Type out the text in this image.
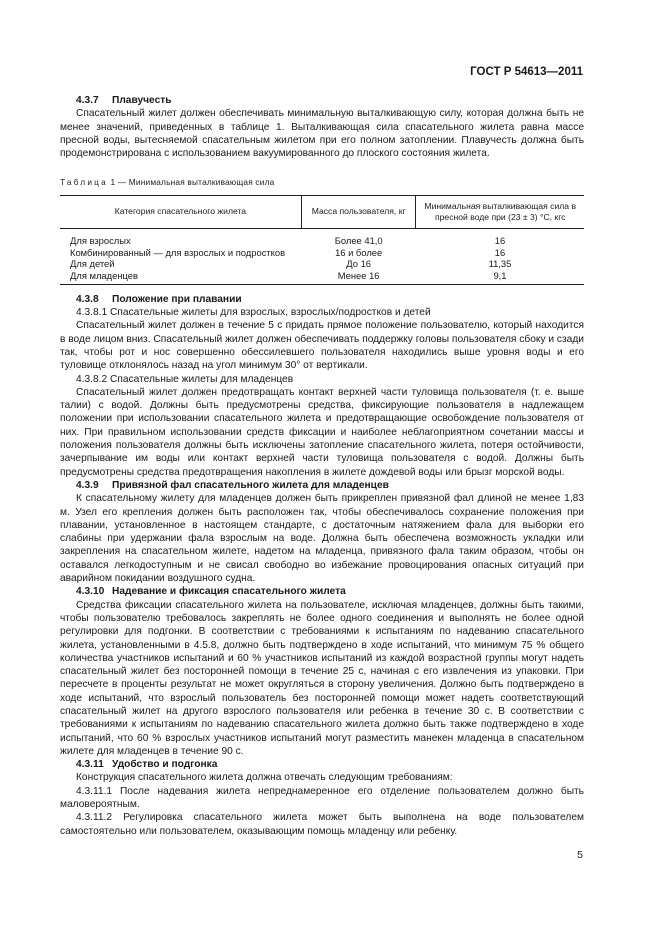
ГОСТ Р 54613—2011

4.3.7 Плавучесть

Спасательный жилет должен обеспечивать минимальную выталкивающую силу, которая должна быть не менее значений, приведенных в таблице 1. Выталкивающая сила спасательного жилета равна массе пресной воды, вытесняемой спасательным жилетом при его полном затоплении. Плавучесть должна быть продемонстрирована с использованием вакуумированного до плоского состояния жилета.

Таблица 1 — Минимальная выталкивающая сила
Категория спасательного жилета	Масса пользователя, кг	Минимальная выталкивающая сила в пресной воде при (23 ± 3) °С, кгс
Для взрослых	Более 41,0	16
Комбинированный — для взрослых и подростков	16 и более	16
Для детей	До 16	11,35
Для младенцев	Менее 16	9,1

4.3.8 Положение при плавании

4.3.8.1 Спасательные жилеты для взрослых, взрослых/подростков и детей

Спасательный жилет должен в течение 5 с придать прямое положение пользователю, который находится в воде лицом вниз. Спасательный жилет должен обеспечивать поддержку головы пользователя сбоку и сзади так, чтобы рот и нос совершенно обессилевшего пользователя находились выше уровня воды и его туловище отклонялось назад на угол минимум 30° от вертикали.

4.3.8.2 Спасательные жилеты для младенцев

Спасательный жилет должен предотвращать контакт верхней части туловища пользователя (т. е. выше талии) с водой. Должны быть предусмотрены средства, фиксирующие пользователя в надлежащем положении при использовании спасательного жилета и предотвращающие освобождение пользователя от них. При правильном использовании средств фиксации и наиболее неблагоприятном сочетании массы и положения пользователя должны быть исключены затопление спасательного жилета, потеря остойчивости, зачерпывание им воды или контакт верхней части туловища пользователя с водой. Должны быть предусмотрены средства предотвращения накопления в жилете дождевой воды или брызг морской воды.

4.3.9 Привязной фал спасательного жилета для младенцев

К спасательному жилету для младенцев должен быть прикреплен привязной фал длиной не менее 1,83 м. Узел его крепления должен быть расположен так, чтобы обеспечивалось сохранение положения при плавании, установленное в настоящем стандарте, с достаточным натяжением фала для выборки его слабины при удержании фала взрослым на воде. Должна быть обеспечена возможность укладки или закрепления на спасательном жилете, надетом на младенца, привязного фала таким образом, чтобы он оставался легкодоступным и не свисал свободно во избежание провоцирования опасных ситуаций при аварийном покидании воздушного судна.

4.3.10 Надевание и фиксация спасательного жилета

Средства фиксации спасательного жилета на пользователе, исключая младенцев, должны быть такими, чтобы пользователю требовалось закреплять не более одного соединения и выполнять не более одной регулировки для подгонки. В соответствии с требованиями к испытаниям по надеванию спасательного жилета, установленными в 4.5.8, должно быть подтверждено в ходе испытаний, что минимум 75 % общего количества участников испытаний и 60 % участников испытаний из каждой возрастной группы могут надеть спасательный жилет без посторонней помощи в течение 25 с, начиная с его извлечения из упаковки. При пересчете в проценты результат не может округляться в сторону увеличения. Должно быть подтверждено в ходе испытаний, что взрослый пользователь без посторонней помощи может надеть соответствующий спасательный жилет на другого взрослого пользователя или ребенка в течение 30 с. В соответствии с требованиями к испытаниям по надеванию спасательного жилета должно быть также подтверждено в ходе испытаний, что 60 % взрослых участников испытаний могут разместить манекен младенца в спасательном жилете для младенцев в течение 90 с.

4.3.11 Удобство и подгонка

Конструкция спасательного жилета должна отвечать следующим требованиям:

4.3.11.1 После надевания жилета непреднамеренное его отделение пользователем должно быть маловероятным.

4.3.11.2 Регулировка спасательного жилета может быть выполнена на воде пользователем самостоятельно или пользователем, оказывающим помощь младенцу или ребенку.

5
